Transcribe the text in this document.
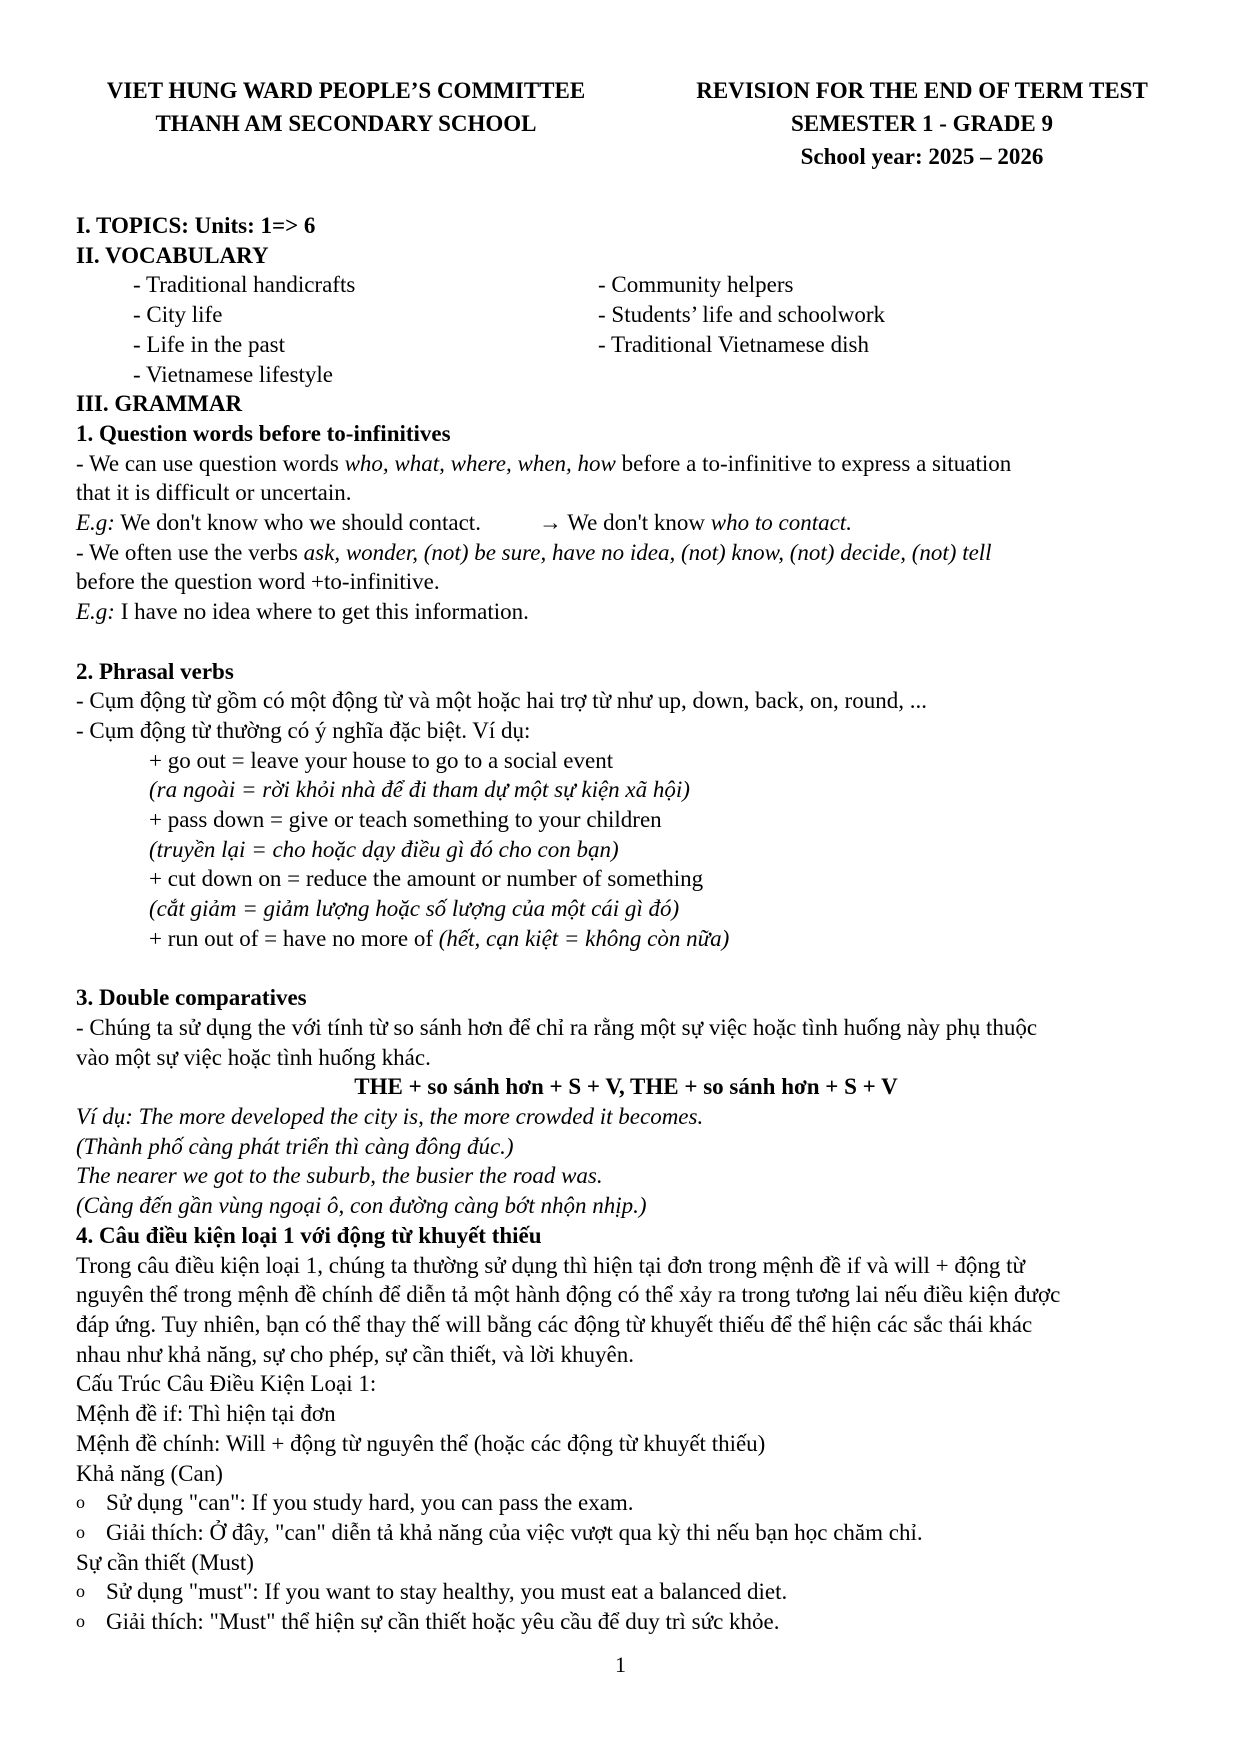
VIET HUNG WARD PEOPLE’S COMMITTEE
THANH AM SECONDARY SCHOOL
REVISION FOR THE END OF TERM TEST
SEMESTER 1 - GRADE 9
School year: 2025 – 2026
I. TOPICS: Units: 1=> 6
II. VOCABULARY
- Traditional handicrafts
- City life
- Life in the past
- Vietnamese lifestyle
- Community helpers
- Students’ life and schoolwork
- Traditional Vietnamese dish
III. GRAMMAR
1. Question words before to-infinitives
- We can use question words who, what, where, when, how before a to-infinitive to express a situation
that it is difficult or uncertain.
E.g: We don't know who we should contact.	→ We don't know who to contact.
- We often use the verbs ask, wonder, (not) be sure, have no idea, (not) know, (not) decide, (not) tell
before the question word +to-infinitive.
E.g: I have no idea where to get this information.
2. Phrasal verbs
- Cụm động từ gồm có một động từ và một hoặc hai trợ từ như up, down, back, on, round, ...
- Cụm động từ thường có ý nghĩa đặc biệt. Ví dụ:
+ go out = leave your house to go to a social event
(ra ngoài = rời khỏi nhà để đi tham dự một sự kiện xã hội)
+ pass down = give or teach something to your children
(truyền lại = cho hoặc dạy điều gì đó cho con bạn)
+ cut down on = reduce the amount or number of something
(cắt giảm = giảm lượng hoặc số lượng của một cái gì đó)
+ run out of = have no more of (hết, cạn kiệt = không còn nữa)
3. Double comparatives
- Chúng ta sử dụng the với tính từ so sánh hơn để chỉ ra rằng một sự việc hoặc tình huống này phụ thuộc
vào một sự việc hoặc tình huống khác.
THE + so sánh hơn + S + V, THE + so sánh hơn + S + V
Ví dụ: The more developed the city is, the more crowded it becomes.
(Thành phố càng phát triển thì càng đông đúc.)
The nearer we got to the suburb, the busier the road was.
(Càng đến gần vùng ngoại ô, con đường càng bớt nhộn nhịp.)
4. Câu điều kiện loại 1 với động từ khuyết thiếu
Trong câu điều kiện loại 1, chúng ta thường sử dụng thì hiện tại đơn trong mệnh đề if và will + động từ
nguyên thể trong mệnh đề chính để diễn tả một hành động có thể xảy ra trong tương lai nếu điều kiện được
đáp ứng. Tuy nhiên, bạn có thể thay thế will bằng các động từ khuyết thiếu để thể hiện các sắc thái khác
nhau như khả năng, sự cho phép, sự cần thiết, và lời khuyên.
Cấu Trúc Câu Điều Kiện Loại 1:
Mệnh đề if: Thì hiện tại đơn
Mệnh đề chính: Will + động từ nguyên thể (hoặc các động từ khuyết thiếu)
Khả năng (Can)
o Sử dụng "can": If you study hard, you can pass the exam.
o Giải thích: Ở đây, "can" diễn tả khả năng của việc vượt qua kỳ thi nếu bạn học chăm chỉ.
Sự cần thiết (Must)
o Sử dụng "must": If you want to stay healthy, you must eat a balanced diet.
o Giải thích: "Must" thể hiện sự cần thiết hoặc yêu cầu để duy trì sức khỏe.
1
